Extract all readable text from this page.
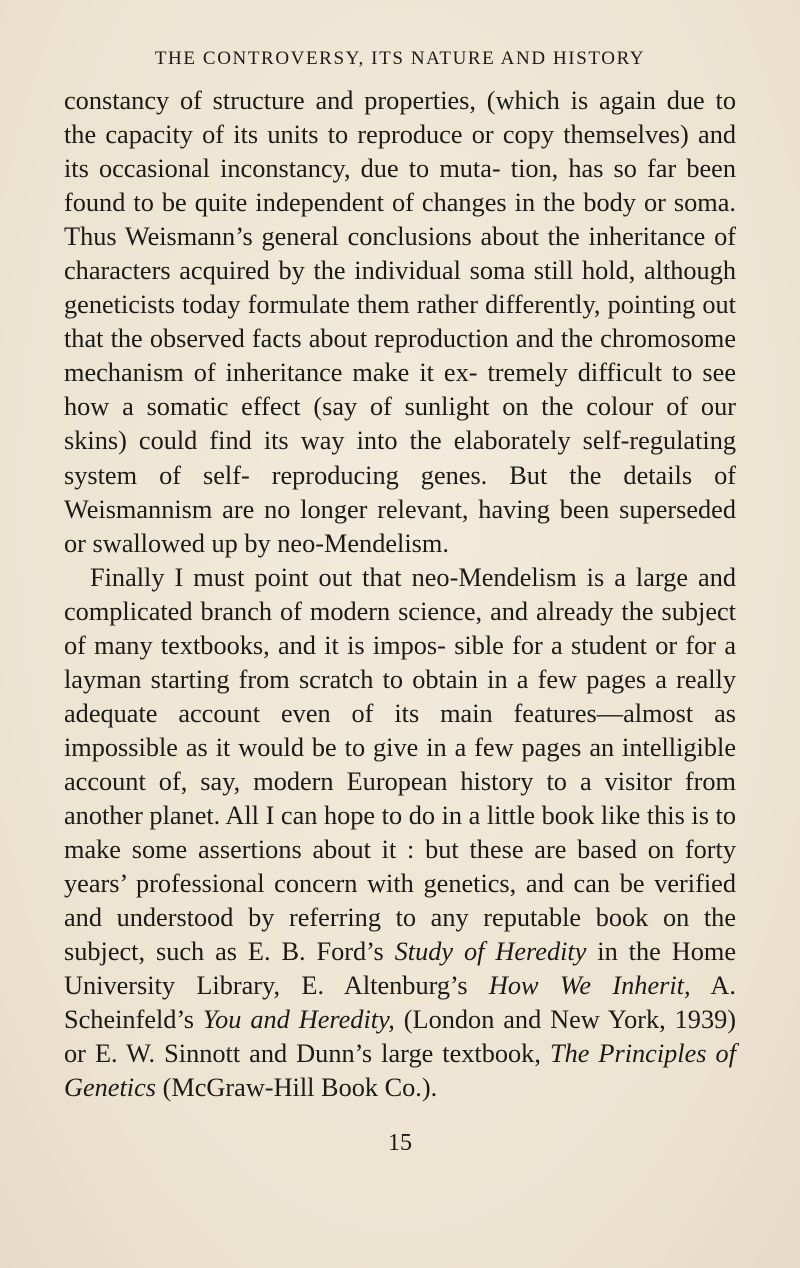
THE CONTROVERSY, ITS NATURE AND HISTORY

constancy of structure and properties, (which is again due to the capacity of its units to reproduce or copy themselves) and its occasional inconstancy, due to muta- tion, has so far been found to be quite independent of changes in the body or soma. Thus Weismann’s general conclusions about the inheritance of characters acquired by the individual soma still hold, although geneticists today formulate them rather differently, pointing out that the observed facts about reproduction and the chromosome mechanism of inheritance make it ex- tremely difficult to see how a somatic effect (say of sunlight on the colour of our skins) could find its way into the elaborately self-regulating system of self- reproducing genes. But the details of Weismannism are no longer relevant, having been superseded or swallowed up by neo-Mendelism.

Finally I must point out that neo-Mendelism is a large and complicated branch of modern science, and already the subject of many textbooks, and it is impos- sible for a student or for a layman starting from scratch to obtain in a few pages a really adequate account even of its main features—almost as impossible as it would be to give in a few pages an intelligible account of, say, modern European history to a visitor from another planet. All I can hope to do in a little book like this is to make some assertions about it : but these are based on forty years’ professional concern with genetics, and can be verified and understood by referring to any reputable book on the subject, such as E. B. Ford’s Study of Heredity in the Home University Library, E. Altenburg’s How We Inherit, A. Scheinfeld’s You and Heredity, (London and New York, 1939) or E. W. Sinnott and Dunn’s large textbook, The Principles of Genetics (McGraw-Hill Book Co.).

15
